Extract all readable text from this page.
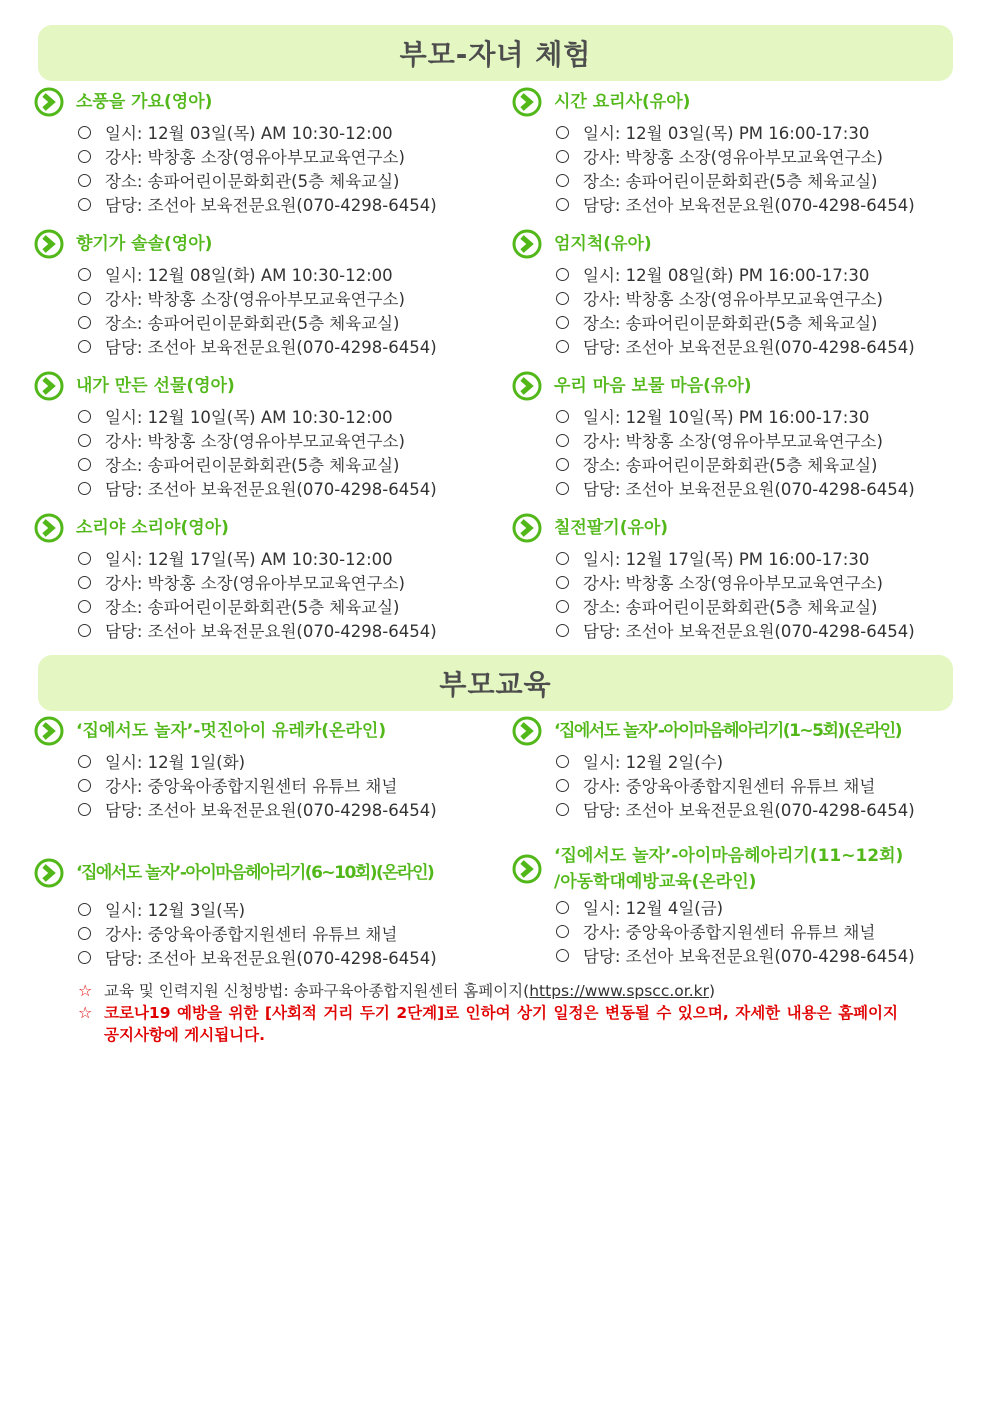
부모-자녀 체험
소풍을 가요(영아)
일시: 12월 03일(목) AM 10:30-12:00
강사: 박창홍 소장(영유아부모교육연구소)
장소: 송파어린이문화회관(5층 체육교실)
담당: 조선아 보육전문요원(070-4298-6454)
시간 요리사(유아)
일시: 12월 03일(목) PM 16:00-17:30
강사: 박창홍 소장(영유아부모교육연구소)
장소: 송파어린이문화회관(5층 체육교실)
담당: 조선아 보육전문요원(070-4298-6454)
향기가 솔솔(영아)
일시: 12월 08일(화) AM 10:30-12:00
강사: 박창홍 소장(영유아부모교육연구소)
장소: 송파어린이문화회관(5층 체육교실)
담당: 조선아 보육전문요원(070-4298-6454)
엄지척(유아)
일시: 12월 08일(화) PM 16:00-17:30
강사: 박창홍 소장(영유아부모교육연구소)
장소: 송파어린이문화회관(5층 체육교실)
담당: 조선아 보육전문요원(070-4298-6454)
내가 만든 선물(영아)
일시: 12월 10일(목) AM 10:30-12:00
강사: 박창홍 소장(영유아부모교육연구소)
장소: 송파어린이문화회관(5층 체육교실)
담당: 조선아 보육전문요원(070-4298-6454)
우리 마음 보물 마음(유아)
일시: 12월 10일(목) PM 16:00-17:30
강사: 박창홍 소장(영유아부모교육연구소)
장소: 송파어린이문화회관(5층 체육교실)
담당: 조선아 보육전문요원(070-4298-6454)
소리야 소리야(영아)
일시: 12월 17일(목) AM 10:30-12:00
강사: 박창홍 소장(영유아부모교육연구소)
장소: 송파어린이문화회관(5층 체육교실)
담당: 조선아 보육전문요원(070-4298-6454)
칠전팔기(유아)
일시: 12월 17일(목) PM 16:00-17:30
강사: 박창홍 소장(영유아부모교육연구소)
장소: 송파어린이문화회관(5층 체육교실)
담당: 조선아 보육전문요원(070-4298-6454)
부모교육
‘집에서도 놀자’-멋진아이 유레카(온라인)
일시: 12월 1일(화)
강사: 중앙육아종합지원센터 유튜브 채널
담당: 조선아 보육전문요원(070-4298-6454)
‘집에서도 놀자’-아이마음헤아리기(1~5회)(온라인)
일시: 12월 2일(수)
강사: 중앙육아종합지원센터 유튜브 채널
담당: 조선아 보육전문요원(070-4298-6454)
‘집에서도 놀자’-아이마음헤아리기(6~10회)(온라인)
일시: 12월 3일(목)
강사: 중앙육아종합지원센터 유튜브 채널
담당: 조선아 보육전문요원(070-4298-6454)
‘집에서도 놀자’-아이마음헤아리기(11~12회)
/아동학대예방교육(온라인)
일시: 12월 4일(금)
강사: 중앙육아종합지원센터 유튜브 채널
담당: 조선아 보육전문요원(070-4298-6454)
☆ 교육 및 인력지원 신청방법: 송파구육아종합지원센터 홈페이지(https://www.spscc.or.kr)
☆ 코로나19 예방을 위한 [사회적 거리 두기 2단계]로 인하여 상기 일정은 변동될 수 있으며, 자세한 내용은 홈페이지 공지사항에 게시됩니다.
